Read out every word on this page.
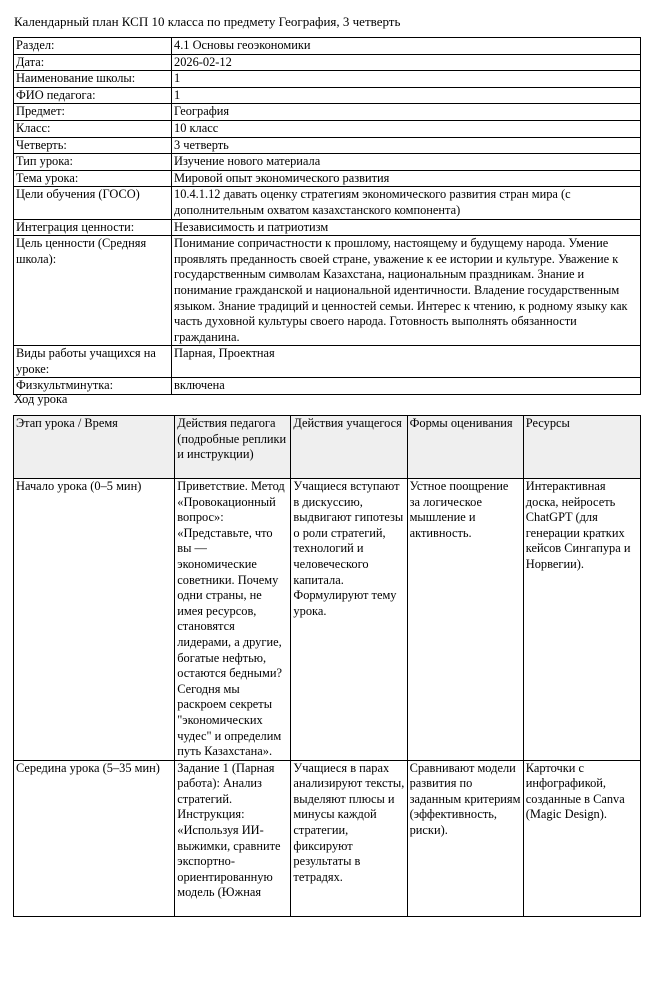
Календарный план КСП 10 класса по предмету География, 3 четверть
Раздел:	4.1 Основы геоэкономики
Дата:	2026-02-12
Наименование школы:	1
ФИО педагога:	1
Предмет:	География
Класс:	10 класс
Четверть:	3 четверть
Тип урока:	Изучение нового материала
Тема урока:	Мировой опыт экономического развития
Цели обучения (ГОСО)	10.4.1.12 давать оценку стратегиям экономического развития стран мира (с дополнительным охватом казахстанского компонента)
Интеграция ценности:	Независимость и патриотизм
Цель ценности (Средняя школа):	Понимание сопричастности к прошлому, настоящему и будущему народа. Умение проявлять преданность своей стране, уважение к ее истории и культуре. Уважение к государственным символам Казахстана, национальным праздникам. Знание и понимание гражданской и национальной идентичности. Владение государственным языком. Знание традиций и ценностей семьи. Интерес к чтению, к родному языку как часть духовной культуры своего народа. Готовность выполнять обязанности гражданина.
Виды работы учащихся на уроке:	Парная, Проектная
Физкультминутка:	включена
Ход урока
Этап урока / Время	Действия педагога (подробные реплики и инструкции)	Действия учащегося	Формы оценивания	Ресурсы
Начало урока (0–5 мин)	Приветствие. Метод «Провокационный вопрос»: «Представьте, что вы — экономические советники. Почему одни страны, не имея ресурсов, становятся лидерами, а другие, богатые нефтью, остаются бедными? Сегодня мы раскроем секреты "экономических чудес" и определим путь Казахстана».	Учащиеся вступают в дискуссию, выдвигают гипотезы о роли стратегий, технологий и человеческого капитала. Формулируют тему урока.	Устное поощрение за логическое мышление и активность.	Интерактивная доска, нейросеть ChatGPT (для генерации кратких кейсов Сингапура и Норвегии).

Середина урока (5–35 мин)	Задание 1 (Парная работа): Анализ стратегий. Инструкция: «Используя ИИ-выжимки, сравните экспортно-ориентированную модель (Южная	Учащиеся в парах анализируют тексты, выделяют плюсы и минусы каждой стратегии, фиксируют результаты в тетрадях.	Сравнивают модели развития по заданным критериям (эффективность, риски).	Карточки с инфографикой, созданные в Canva (Magic Design).
